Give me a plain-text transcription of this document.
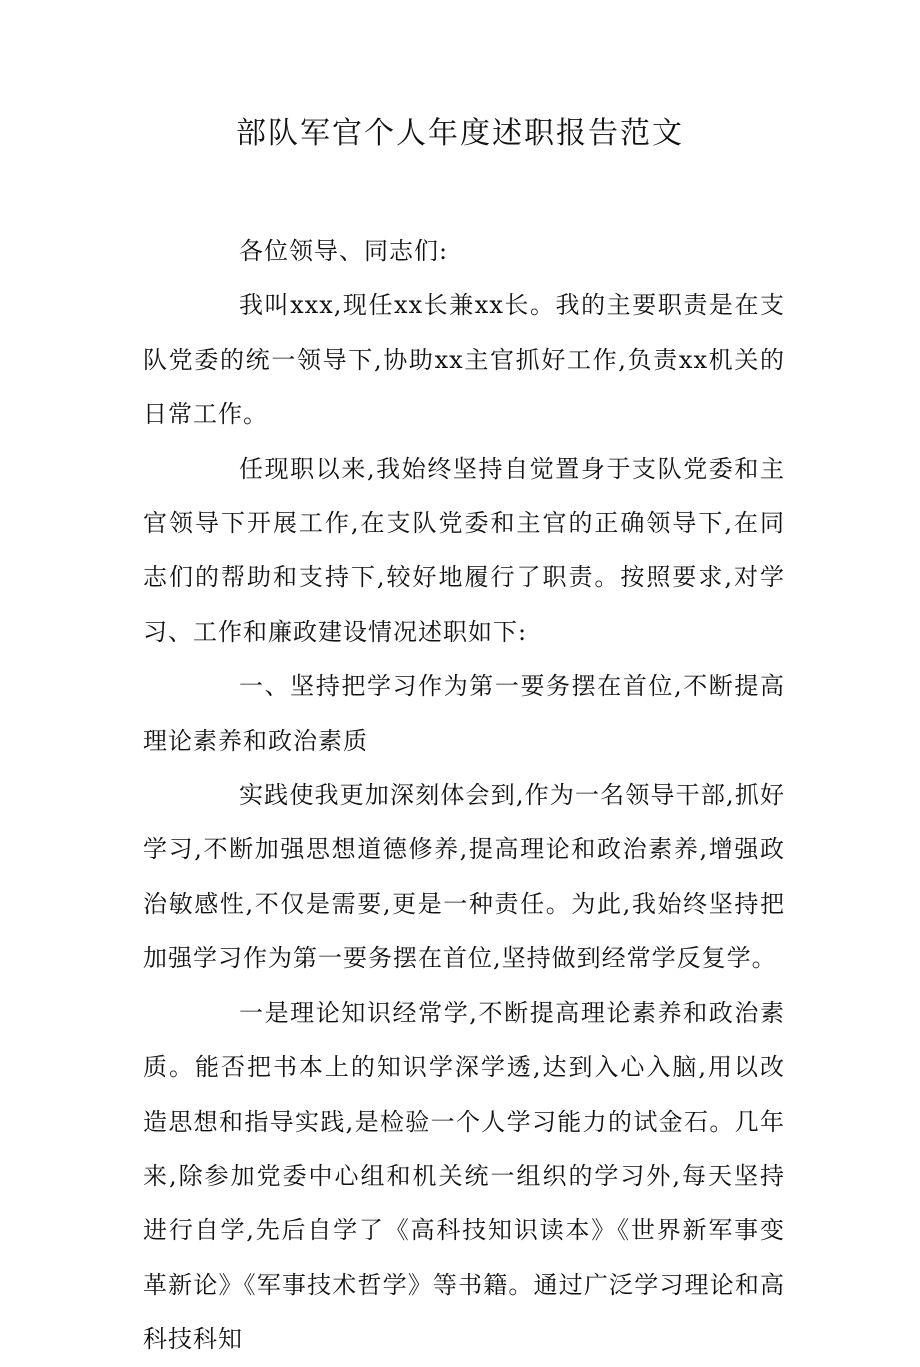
部队军官个人年度述职报告范文

各位领导、同志们:

我叫xxx,现任xx长兼xx长。我的主要职责是在支队党委的统一领导下,协助xx主官抓好工作,负责xx机关的日常工作。

任现职以来,我始终坚持自觉置身于支队党委和主官领导下开展工作,在支队党委和主官的正确领导下,在同志们的帮助和支持下,较好地履行了职责。按照要求,对学习、工作和廉政建设情况述职如下:

一、坚持把学习作为第一要务摆在首位,不断提高理论素养和政治素质

实践使我更加深刻体会到,作为一名领导干部,抓好学习,不断加强思想道德修养,提高理论和政治素养,增强政治敏感性,不仅是需要,更是一种责任。为此,我始终坚持把加强学习作为第一要务摆在首位,坚持做到经常学反复学。

一是理论知识经常学,不断提高理论素养和政治素质。能否把书本上的知识学深学透,达到入心入脑,用以改造思想和指导实践,是检验一个人学习能力的试金石。几年来,除参加党委中心组和机关统一组织的学习外,每天坚持进行自学,先后自学了《高科技知识读本》《世界新军事变革新论》《军事技术哲学》等书籍。通过广泛学习理论和高科技科知
